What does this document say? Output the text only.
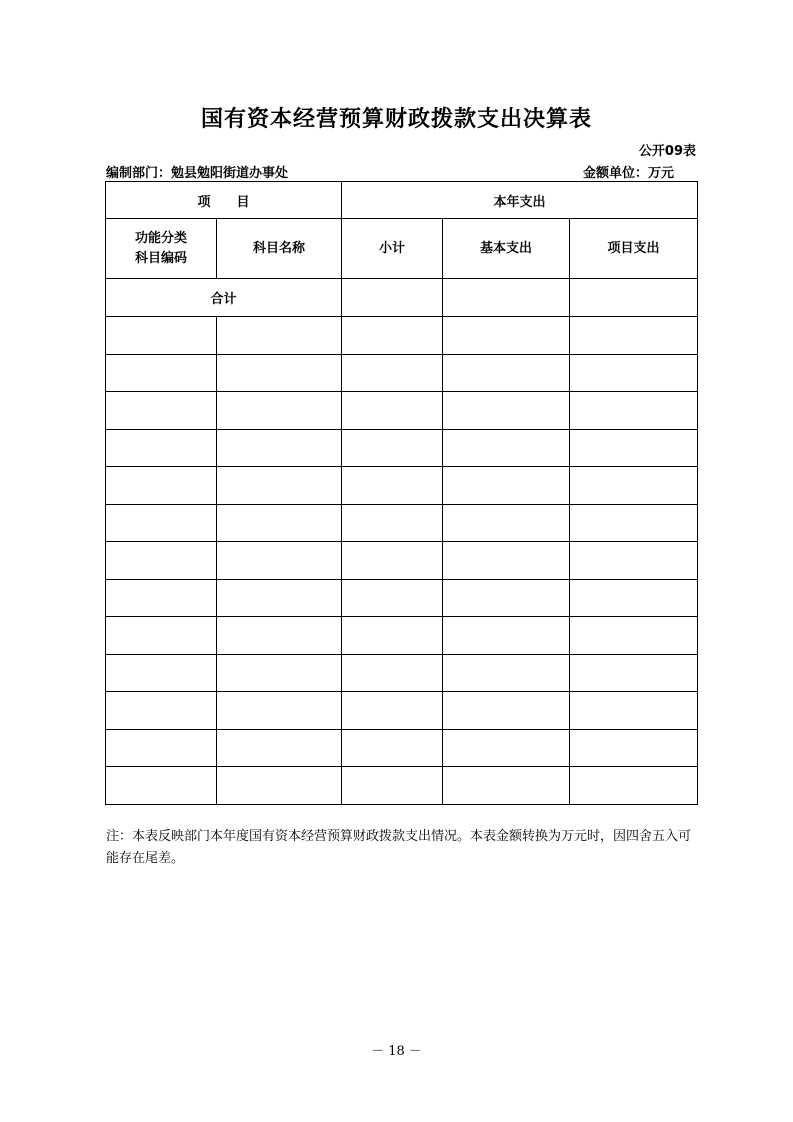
国有资本经营预算财政拨款支出决算表
公开09表
编制部门：勉县勉阳街道办事处	金额单位：万元
项　　目		本年支出		

功能分类
科目编码	科目名称	小计	基本支出	项目支出
合计				

注：本表反映部门本年度国有资本经营预算财政拨款支出情况。本表金额转换为万元时，因四舍五入可能存在尾差。
－ 18 －
